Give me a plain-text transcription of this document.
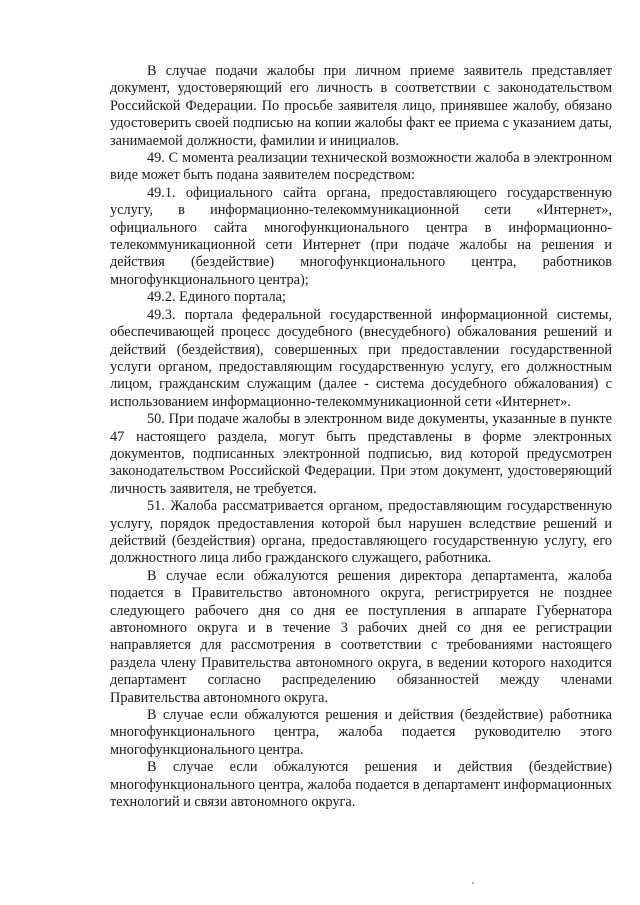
В случае подачи жалобы при личном приеме заявитель представляет документ, удостоверяющий его личность в соответствии с законодательством Российской Федерации. По просьбе заявителя лицо, принявшее жалобу, обязано удостоверить своей подписью на копии жалобы факт ее приема с указанием даты, занимаемой должности, фамилии и инициалов.

49. С момента реализации технической возможности жалоба в электронном виде может быть подана заявителем посредством:

49.1. официального сайта органа, предоставляющего государственную услугу, в информационно-телекоммуникационной сети «Интернет», официального сайта многофункционального центра в информационно-телекоммуникационной сети Интернет (при подаче жалобы на решения и действия (бездействие) многофункционального центра, работников многофункционального центра);

49.2. Единого портала;

49.3. портала федеральной государственной информационной системы, обеспечивающей процесс досудебного (внесудебного) обжалования решений и действий (бездействия), совершенных при предоставлении государственной услуги органом, предоставляющим государственную услугу, его должностным лицом, гражданским служащим (далее - система досудебного обжалования) с использованием информационно-телекоммуникационной сети «Интернет».

50. При подаче жалобы в электронном виде документы, указанные в пункте 47 настоящего раздела, могут быть представлены в форме электронных документов, подписанных электронной подписью, вид которой предусмотрен законодательством Российской Федерации. При этом документ, удостоверяющий личность заявителя, не требуется.

51. Жалоба рассматривается органом, предоставляющим государственную услугу, порядок предоставления которой был нарушен вследствие решений и действий (бездействия) органа, предоставляющего государственную услугу, его должностного лица либо гражданского служащего, работника.

В случае если обжалуются решения директора департамента, жалоба подается в Правительство автономного округа, регистрируется не позднее следующего рабочего дня со дня ее поступления в аппарате Губернатора автономного округа и в течение 3 рабочих дней со дня ее регистрации направляется для рассмотрения в соответствии с требованиями настоящего раздела члену Правительства автономного округа, в ведении которого находится департамент согласно распределению обязанностей между членами Правительства автономного округа.

В случае если обжалуются решения и действия (бездействие) работника многофункционального центра, жалоба подается руководителю этого многофункционального центра.

В случае если обжалуются решения и действия (бездействие) многофункционального центра, жалоба подается в департамент информационных технологий и связи автономного округа.
